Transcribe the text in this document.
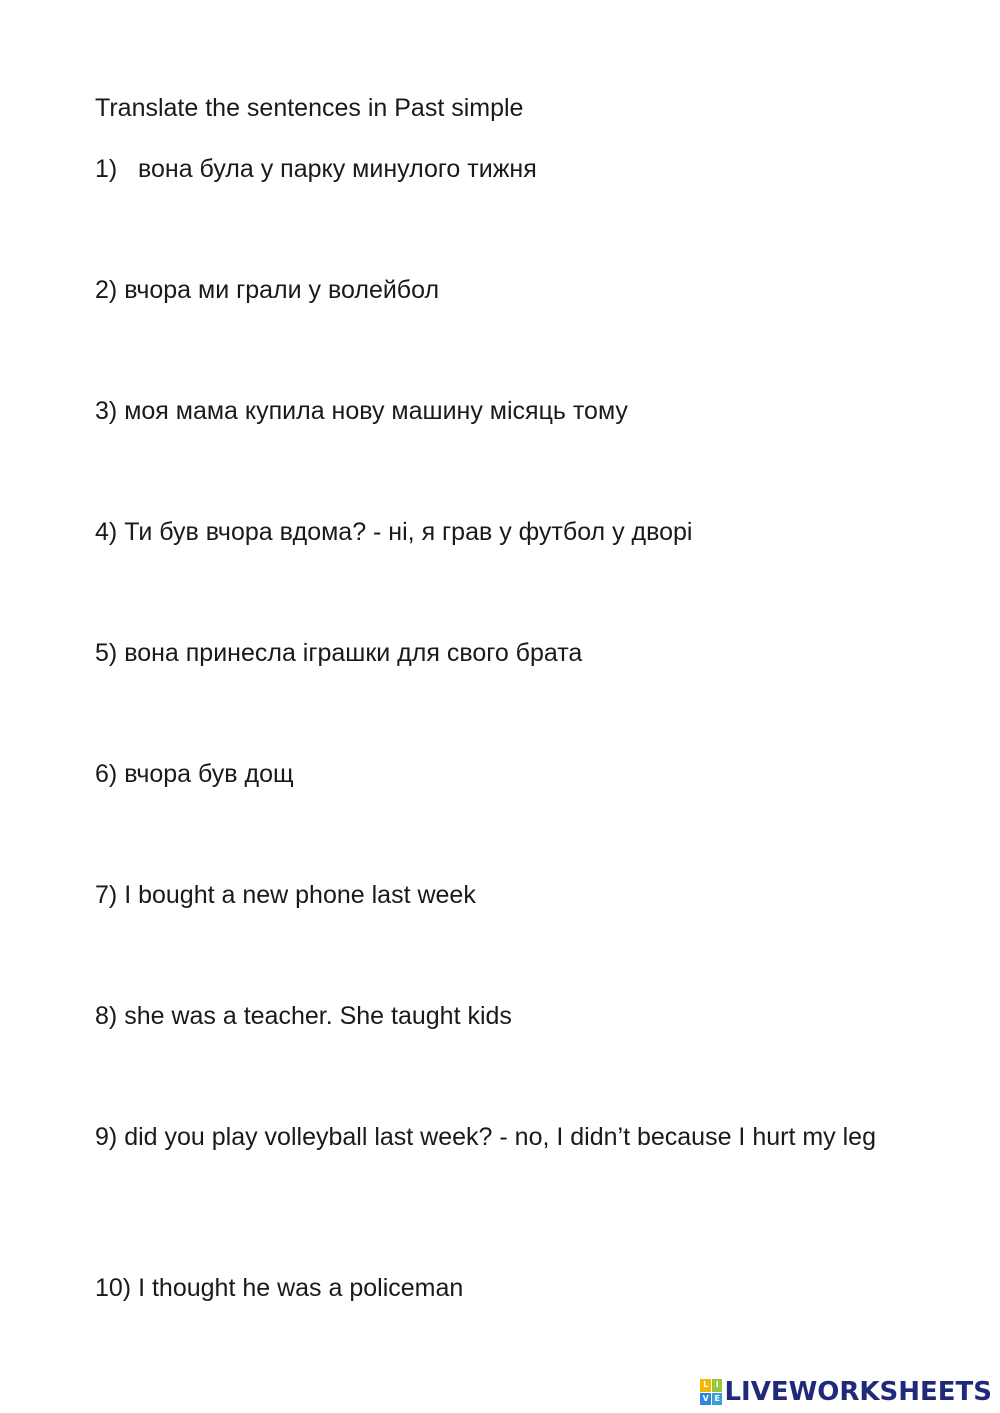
Translate the sentences in Past simple
1) вона була у парку минулого тижня
2) вчора ми грали у волейбол
3) моя мама купила нову машину місяць тому
4) Ти був вчора вдома? - ні, я грав у футбол у дворі
5) вона принесла іграшки для свого брата
6) вчора був дощ
7) I bought a new phone last week
8) she was a teacher. She taught kids
9) did you play volleyball last week? - no, I didn’t because I hurt my leg
10) I thought he was a policeman
L I
V E LIVEWORKSHEETS
